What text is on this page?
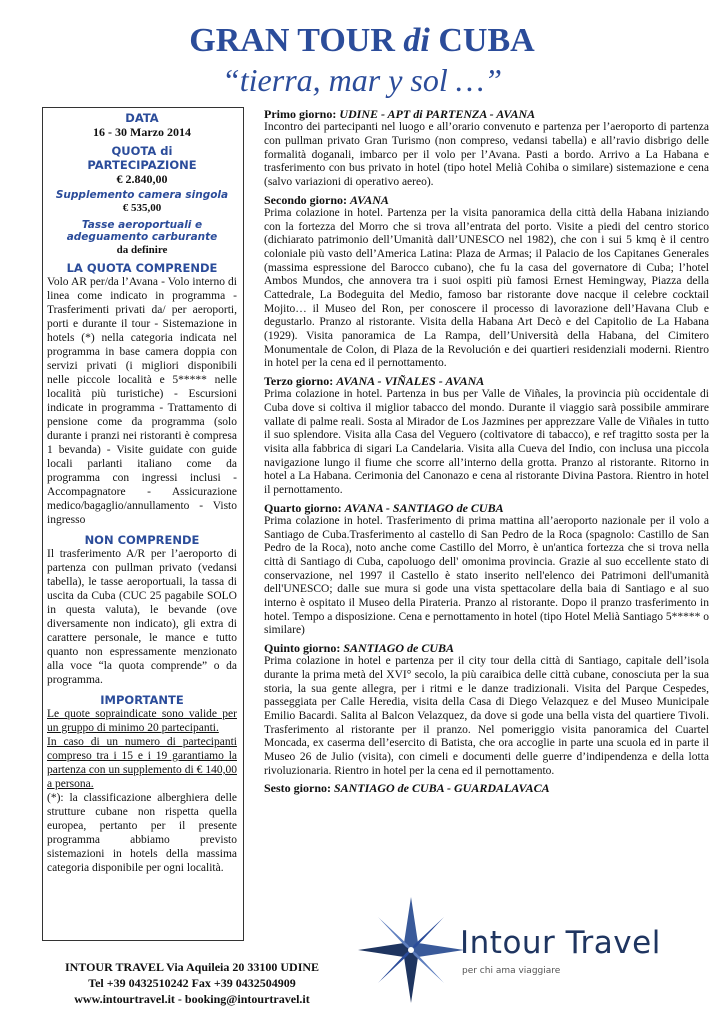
GRAN TOUR di CUBA
“tierra, mar y sol …”
DATA
16 - 30 Marzo 2014
QUOTA di
PARTECIPAZIONE
€ 2.840,00
Supplemento camera singola
€ 535,00
Tasse aeroportuali e
adeguamento carburante
da definire
LA QUOTA COMPRENDE
Volo AR per/da l’Avana - Volo interno di linea come indicato in programma - Trasferimenti privati da/ per aeroporti, porti e durante il tour - Sistemazione in hotels (*) nella categoria indicata nel programma in base camera doppia con servizi privati (i migliori disponibili nelle piccole località e 5***** nelle località più turistiche) - Escursioni indicate in programma - Trattamento di pensione come da programma (solo durante i pranzi nei ristoranti è compresa 1 bevanda) - Visite guidate con guide locali parlanti italiano come da programma con ingressi inclusi - Accompagnatore - Assicurazione medico/bagaglio/annullamento - Visto ingresso
NON COMPRENDE
Il trasferimento A/R per l’aeroporto di partenza con pullman privato (vedansi tabella), le tasse aeroportuali, la tassa di uscita da Cuba (CUC 25 pagabile SOLO in questa valuta), le bevande (ove diversamente non indicato), gli extra di carattere personale, le mance e tutto quanto non espressamente menzionato alla voce “la quota comprende” o da programma.
IMPORTANTE
Le quote sopraindicate sono valide per un gruppo di minimo 20 partecipanti.
In caso di un numero di partecipanti compreso tra i 15 e i 19 garantiamo la partenza con un supplemento di € 140,00 a persona.
(*): la classificazione alberghiera delle strutture cubane non rispetta quella europea, pertanto per il presente programma abbiamo previsto sistemazioni in hotels della massima categoria disponibile per ogni località.
Primo giorno: UDINE - APT di PARTENZA - AVANA

Incontro dei partecipanti nel luogo e all’orario convenuto e partenza per l’aeroporto di partenza con pullman privato Gran Turismo (non compreso, vedansi tabella) e all’ravio disbrigo delle formalità doganali, imbarco per il volo per l’Avana. Pasti a bordo. Arrivo a La Habana e trasferimento con bus privato in hotel (tipo hotel Melià Cohiba o similare) sistemazione e cena (salvo variazioni di operativo aereo).

Secondo giorno: AVANA

Prima colazione in hotel. Partenza per la visita panoramica della città della Habana iniziando con la fortezza del Morro che si trova all’entrata del porto. Visite a piedi del centro storico (dichiarato patrimonio dell’Umanità dall’UNESCO nel 1982), che con i sui 5 kmq è il centro coloniale più vasto dell’America Latina: Plaza de Armas; il Palacio de los Capitanes Generales (massima espressione del Barocco cubano), che fu la casa del governatore di Cuba; l’hotel Ambos Mundos, che annovera tra i suoi ospiti più famosi Ernest Hemingway, Piazza della Cattedrale, La Bodeguita del Medio, famoso bar ristorante dove nacque il celebre cocktail Mojito… il Museo del Ron, per conoscere il processo di lavorazione dell’Havana Club e degustarlo. Pranzo al ristorante. Visita della Habana Art Decò e del Capitolio de La Habana (1929). Visita panoramica de La Rampa, dell’Università della Habana, del Cimitero Monumentale de Colon, di Plaza de la Revolución e dei quartieri residenziali moderni. Rientro in hotel per la cena ed il pernottamento.

Terzo giorno: AVANA - VIÑALES - AVANA

Prima colazione in hotel. Partenza in bus per Valle de Viñales, la provincia più occidentale di Cuba dove si coltiva il miglior tabacco del mondo. Durante il viaggio sarà possibile ammirare vallate di palme reali. Sosta al Mirador de Los Jazmines per apprezzare Valle de Viñales in tutto il suo splendore. Visita alla Casa del Veguero (coltivatore di tabacco), e ref tragitto sosta per la visita alla fabbrica di sigari La Candelaria. Visita alla Cueva del Indio, con inclusa una piccola navigazione lungo il fiume che scorre all’interno della grotta. Pranzo al ristorante. Ritorno in hotel a La Habana. Cerimonia del Canonazo e cena al ristorante Divina Pastora. Rientro in hotel il pernottamento.

Quarto giorno: AVANA - SANTIAGO de CUBA

Prima colazione in hotel. Trasferimento di prima mattina all’aeroporto nazionale per il volo a Santiago de Cuba.Trasferimento al castello di San Pedro de la Roca (spagnolo: Castillo de San Pedro de la Roca), noto anche come Castillo del Morro, è un'antica fortezza che si trova nella città di Santiago di Cuba, capoluogo dell' omonima provincia. Grazie al suo eccellente stato di conservazione, nel 1997 il Castello è stato inserito nell'elenco dei Patrimoni dell'umanità dell'UNESCO; dalle sue mura si gode una vista spettacolare della baia di Santiago e al suo interno è ospitato il Museo della Pirateria. Pranzo al ristorante. Dopo il pranzo trasferimento in hotel. Tempo a disposizione. Cena e pernottamento in hotel (tipo Hotel Melià Santiago 5***** o similare)

Quinto giorno: SANTIAGO de CUBA

Prima colazione in hotel e partenza per il city tour della città di Santiago, capitale dell’isola durante la prima metà del XVI° secolo, la più caraibica delle città cubane, conosciuta per la sua storia, la sua gente allegra, per i ritmi e le danze tradizionali. Visita del Parque Cespedes, passeggiata per Calle Heredia, visita della Casa di Diego Velazquez e del Museo Municipale Emilio Bacardi. Salita al Balcon Velazquez, da dove si gode una bella vista del quartiere Tivoli. Trasferimento al ristorante per il pranzo. Nel pomeriggio visita panoramica del Cuartel Moncada, ex caserma dell’esercito di Batista, che ora accoglie in parte una scuola ed in parte il Museo 26 de Julio (visita), con cimeli e documenti delle guerre d’indipendenza e della lotta rivoluzionaria. Rientro in hotel per la cena ed il pernottamento.

Sesto giorno: SANTIAGO de CUBA - GUARDALAVACA
Intour Travel
per chi ama viaggiare
INTOUR TRAVEL Via Aquileia 20 33100 UDINE
Tel +39 0432510242 Fax +39 0432504909
www.intourtravel.it - booking@intourtravel.it
